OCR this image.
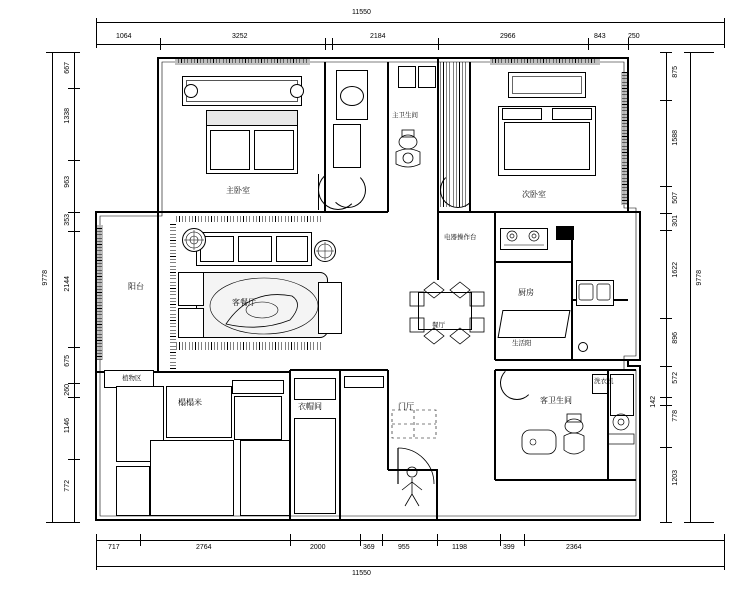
11550
1064	3252	2184	2966	843	250
717	2764	2000	369	955	1198	399	2364
11550
667
1338
963
353
2144
675
260
1146
772
9778
875
1588
507
301
1622
896
572
142
778
1203
9778
主卧室
主卫生间
次卧室
客餐厅
阳台
植物区
餐厅
电器操作台
厨房
生活阳
榻榻米	衣帽间	门厅
客卫生间
洗衣机
